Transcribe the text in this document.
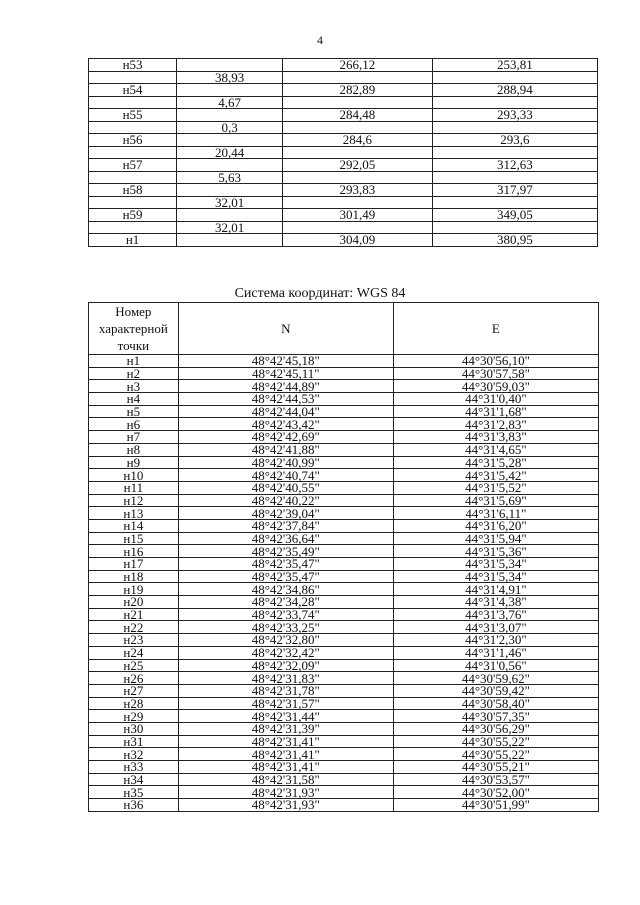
4
н53		266,12	253,81
	38,93		
н54		282,89	288,94
	4,67		
н55		284,48	293,33
	0,3		
н56		284,6	293,6
	20,44		
н57		292,05	312,63
	5,63		
н58		293,83	317,97
	32,01		
н59		301,49	349,05
	32,01		
н1		304,09	380,95
Система координат: WGS 84
Номер характерной точки	N	E
н1	48°42'45,18"	44°30'56,10"
н2	48°42'45,11"	44°30'57,58"
н3	48°42'44,89"	44°30'59,03"
н4	48°42'44,53"	44°31'0,40"
н5	48°42'44,04"	44°31'1,68"
н6	48°42'43,42"	44°31'2,83"
н7	48°42'42,69"	44°31'3,83"
н8	48°42'41,88"	44°31'4,65"
н9	48°42'40,99"	44°31'5,28"
н10	48°42'40,74"	44°31'5,42"
н11	48°42'40,55"	44°31'5,52"
н12	48°42'40,22"	44°31'5,69"
н13	48°42'39,04"	44°31'6,11"
н14	48°42'37,84"	44°31'6,20"
н15	48°42'36,64"	44°31'5,94"
н16	48°42'35,49"	44°31'5,36"
н17	48°42'35,47"	44°31'5,34"
н18	48°42'35,47"	44°31'5,34"
н19	48°42'34,86"	44°31'4,91"
н20	48°42'34,28"	44°31'4,38"
н21	48°42'33,74"	44°31'3,76"
н22	48°42'33,25"	44°31'3,07"
н23	48°42'32,80"	44°31'2,30"
н24	48°42'32,42"	44°31'1,46"
н25	48°42'32,09"	44°31'0,56"
н26	48°42'31,83"	44°30'59,62"
н27	48°42'31,78"	44°30'59,42"
н28	48°42'31,57"	44°30'58,40"
н29	48°42'31,44"	44°30'57,35"
н30	48°42'31,39"	44°30'56,29"
н31	48°42'31,41"	44°30'55,22"
н32	48°42'31,41"	44°30'55,22"
н33	48°42'31,41"	44°30'55,21"
н34	48°42'31,58"	44°30'53,57"
н35	48°42'31,93"	44°30'52,00"
н36	48°42'31,93"	44°30'51,99"
